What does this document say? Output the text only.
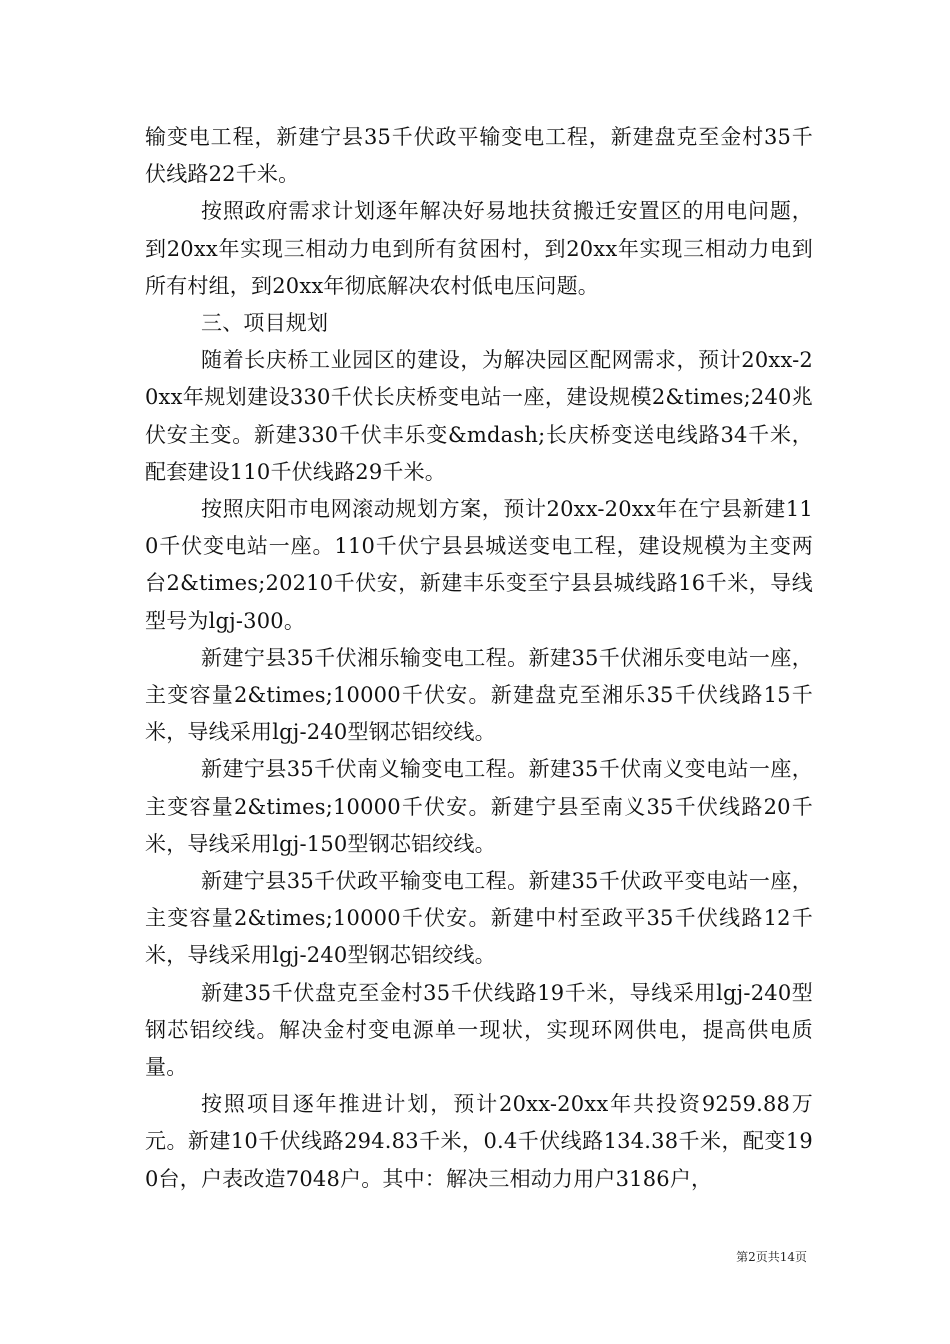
输变电工程，新建宁县35千伏政平输变电工程，新建盘克至金村35千伏线路22千米。

按照政府需求计划逐年解决好易地扶贫搬迁安置区的用电问题，到20xx年实现三相动力电到所有贫困村，到20xx年实现三相动力电到所有村组，到20xx年彻底解决农村低电压问题。

三、项目规划

随着长庆桥工业园区的建设，为解决园区配网需求，预计20xx-20xx年规划建设330千伏长庆桥变电站一座，建设规模2&times;240兆伏安主变。新建330千伏丰乐变&mdash;长庆桥变送电线路34千米，配套建设110千伏线路29千米。

按照庆阳市电网滚动规划方案，预计20xx-20xx年在宁县新建110千伏变电站一座。110千伏宁县县城送变电工程，建设规模为主变两台2&times;20210千伏安，新建丰乐变至宁县县城线路16千米，导线型号为lgj-300。

新建宁县35千伏湘乐输变电工程。新建35千伏湘乐变电站一座，主变容量2&times;10000千伏安。新建盘克至湘乐35千伏线路15千米，导线采用lgj-240型钢芯铝绞线。

新建宁县35千伏南义输变电工程。新建35千伏南义变电站一座，主变容量2&times;10000千伏安。新建宁县至南义35千伏线路20千米，导线采用lgj-150型钢芯铝绞线。

新建宁县35千伏政平输变电工程。新建35千伏政平变电站一座，主变容量2&times;10000千伏安。新建中村至政平35千伏线路12千米，导线采用lgj-240型钢芯铝绞线。

新建35千伏盘克至金村35千伏线路19千米，导线采用lgj-240型钢芯铝绞线。解决金村变电源单一现状，实现环网供电，提高供电质量。

按照项目逐年推进计划，预计20xx-20xx年共投资9259.88万元。新建10千伏线路294.83千米，0.4千伏线路134.38千米，配变190台，户表改造7048户。其中：解决三相动力用户3186户，

第2页共14页
